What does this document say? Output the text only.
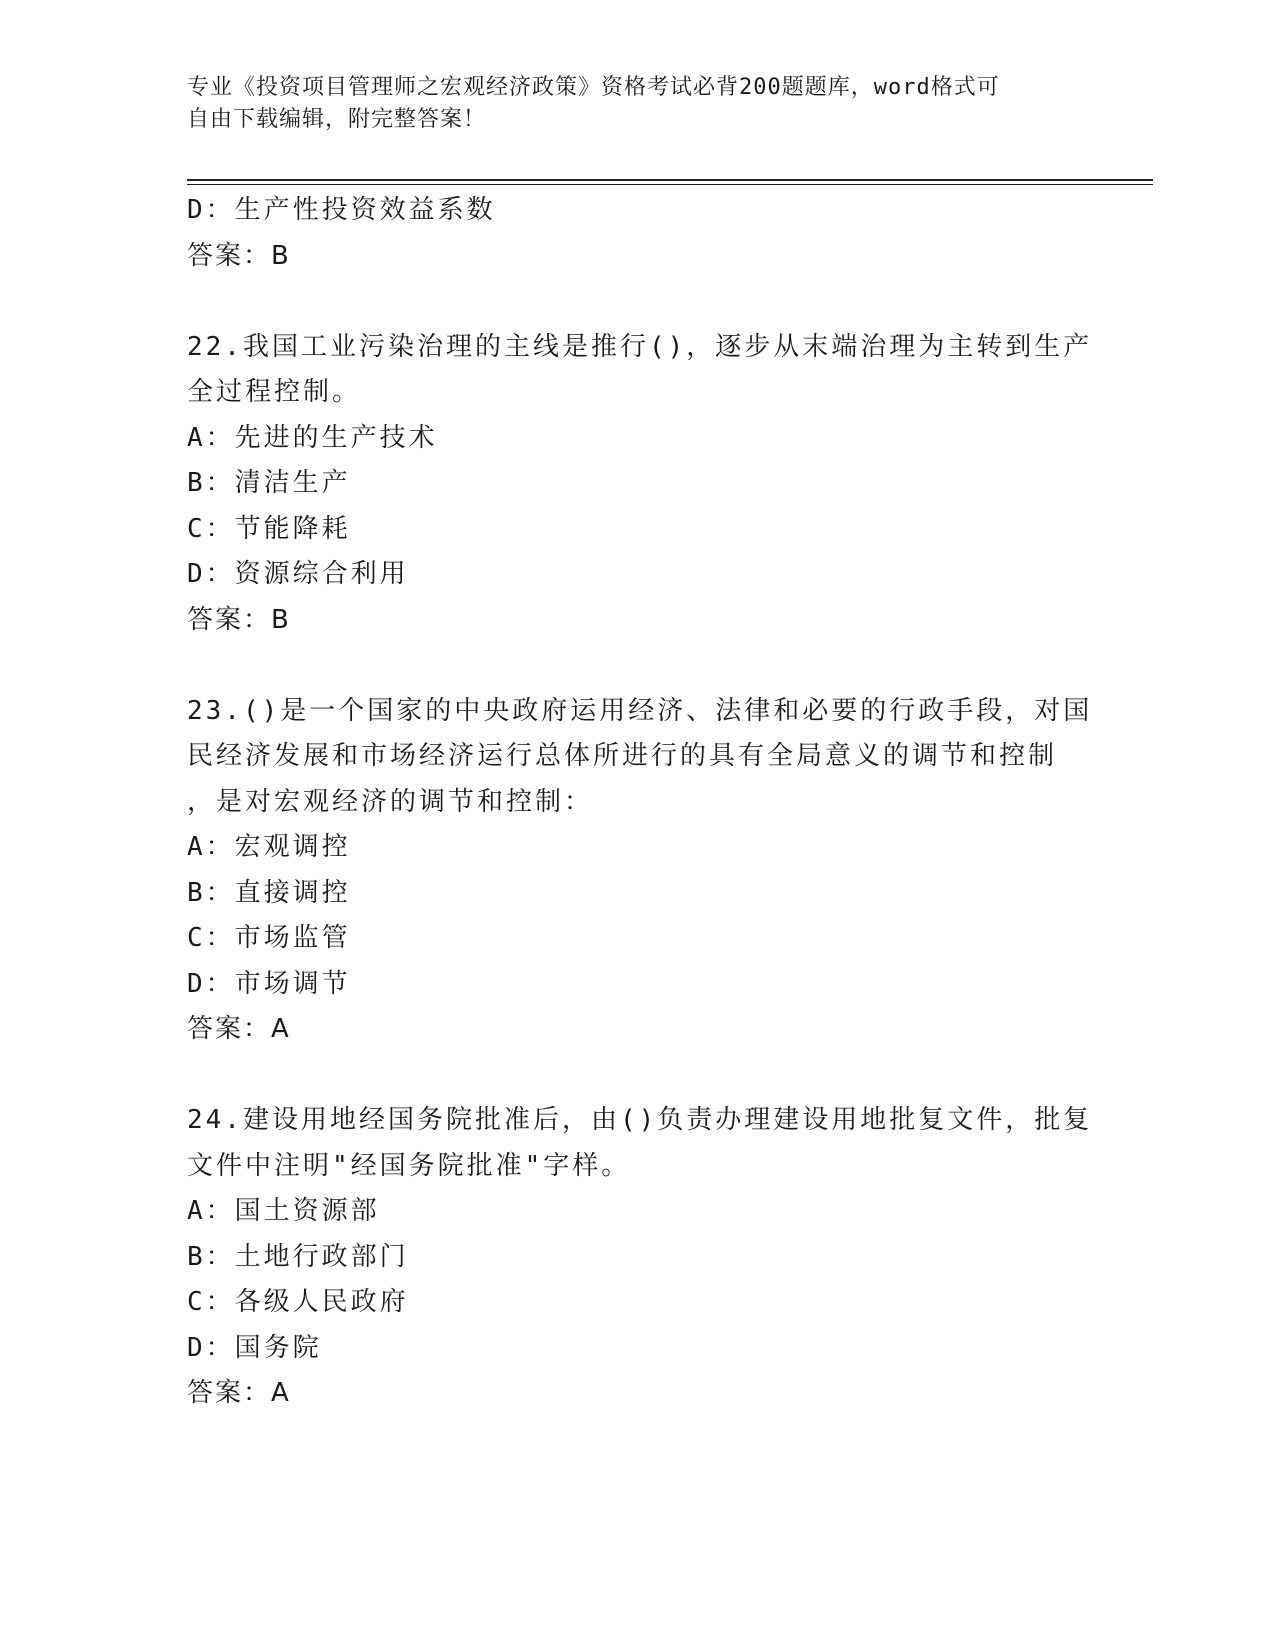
专业《投资项目管理师之宏观经济政策》资格考试必背200题题库，word格式可
自由下载编辑，附完整答案！
D：生产性投资效益系数
答案：B
22.我国工业污染治理的主线是推行()，逐步从末端治理为主转到生产
全过程控制。
A：先进的生产技术
B：清洁生产
C：节能降耗
D：资源综合利用
答案：B
23.()是一个国家的中央政府运用经济、法律和必要的行政手段，对国
民经济发展和市场经济运行总体所进行的具有全局意义的调节和控制
，是对宏观经济的调节和控制：
A：宏观调控
B：直接调控
C：市场监管
D：市场调节
答案：A
24.建设用地经国务院批准后，由()负责办理建设用地批复文件，批复
文件中注明"经国务院批准"字样。
A：国土资源部
B：土地行政部门
C：各级人民政府
D：国务院
答案：A
